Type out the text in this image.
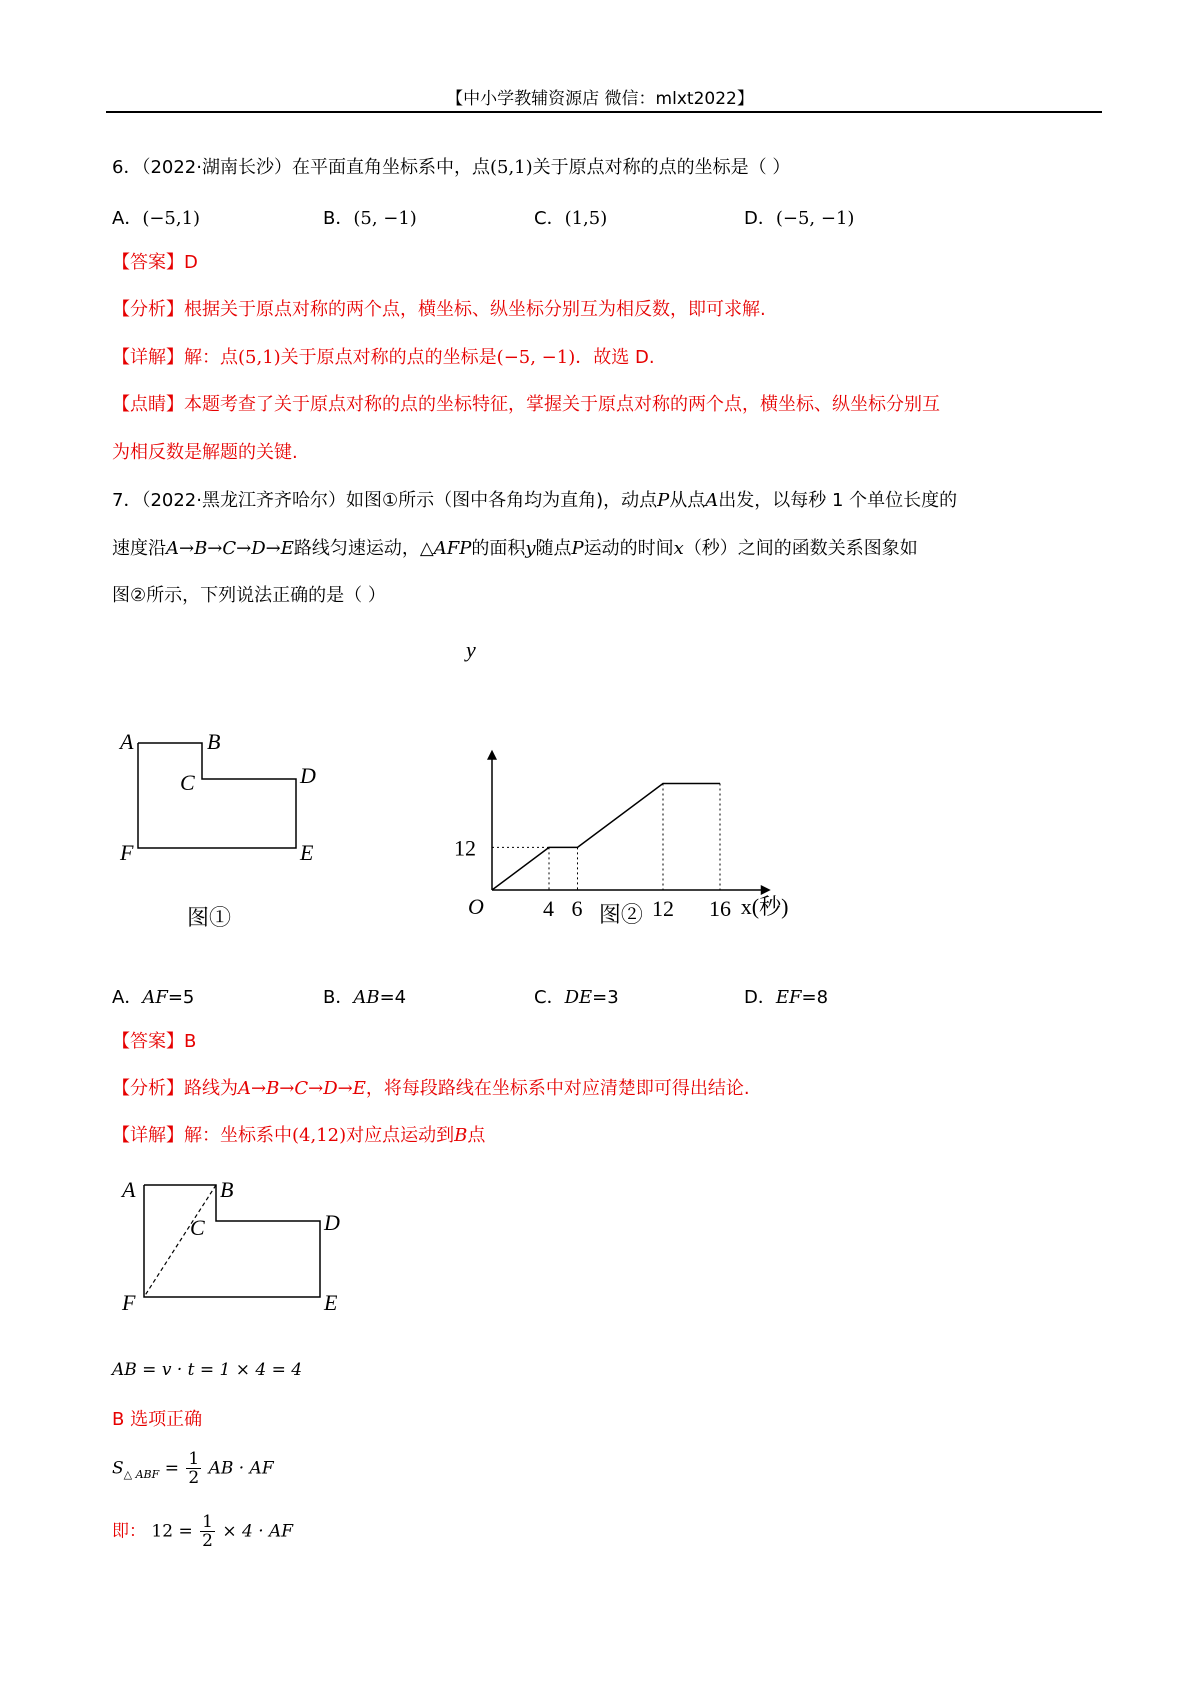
【中小学教辅资源店 微信：mlxt2022】
6．（2022·湖南长沙）在平面直角坐标系中，点(5,1)关于原点对称的点的坐标是（ ）
A．(−5,1)	B．(5, −1)	C．(1,5)	D．(−5, −1)
【答案】D
【分析】根据关于原点对称的两个点，横坐标、纵坐标分别互为相反数，即可求解.
【详解】解：点(5,1)关于原点对称的点的坐标是(−5, −1)．故选 D.
【点睛】本题考查了关于原点对称的点的坐标特征，掌握关于原点对称的两个点，横坐标、纵坐标分别互
为相反数是解题的关键.
7．（2022·黑龙江齐齐哈尔）如图①所示（图中各角均为直角)，动点P从点A出发，以每秒 1 个单位长度的
速度沿A→B→C→D→E路线匀速运动，△AFP的面积y随点P运动的时间x（秒）之间的函数关系图象如
图②所示，下列说法正确的是（ ）
A	B
C	D
E
F
图①
y
x(秒)
O
12
4 6	12 16
图②
A．AF=5	B．AB=4	C．DE=3	D．EF=8
【答案】B
【分析】路线为A→B→C→D→E，将每段路线在坐标系中对应清楚即可得出结论.
【详解】解：坐标系中(4,12)对应点运动到B点
A	B
C	D
E
F
AB = v · t = 1 × 4 = 4
B 选项正确
$S_{\triangle ABF} = \frac{1}{2}$ AB · AF
即： $12 = \frac{1}{2} \times 4$ · AF
